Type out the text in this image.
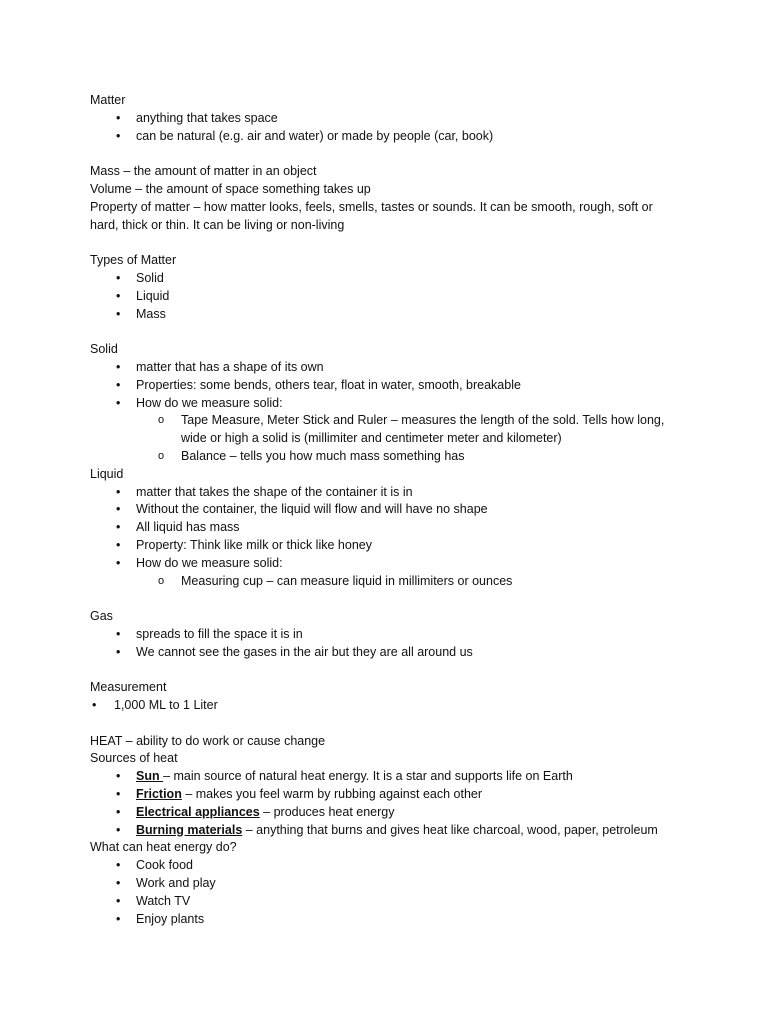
Matter
• anything that takes space
• can be natural (e.g. air and water) or made by people (car, book)
Mass – the amount of matter in an object
Volume – the amount of space something takes up
Property of matter – how matter looks, feels, smells, tastes or sounds. It can be smooth, rough, soft or hard, thick or thin. It can be living or non-living
Types of Matter
• Solid
• Liquid
• Mass
Solid
• matter that has a shape of its own
• Properties: some bends, others tear, float in water, smooth, breakable
• How do we measure solid:
o Tape Measure, Meter Stick and Ruler – measures the length of the sold. Tells how long, wide or high a solid is (millimiter and centimeter meter and kilometer)
o Balance – tells you how much mass something has
Liquid
• matter that takes the shape of the container it is in
• Without the container, the liquid will flow and will have no shape
• All liquid has mass
• Property: Think like milk or thick like honey
• How do we measure solid:
o Measuring cup – can measure liquid in millimiters or ounces
Gas
• spreads to fill the space it is in
• We cannot see the gases in the air but they are all around us
Measurement
• 1,000 ML to 1 Liter
HEAT – ability to do work or cause change
Sources of heat
• Sun – main source of natural heat energy. It is a star and supports life on Earth
• Friction – makes you feel warm by rubbing against each other
• Electrical appliances – produces heat energy
• Burning materials – anything that burns and gives heat like charcoal, wood, paper, petroleum
What can heat energy do?
• Cook food
• Work and play
• Watch TV
• Enjoy plants
